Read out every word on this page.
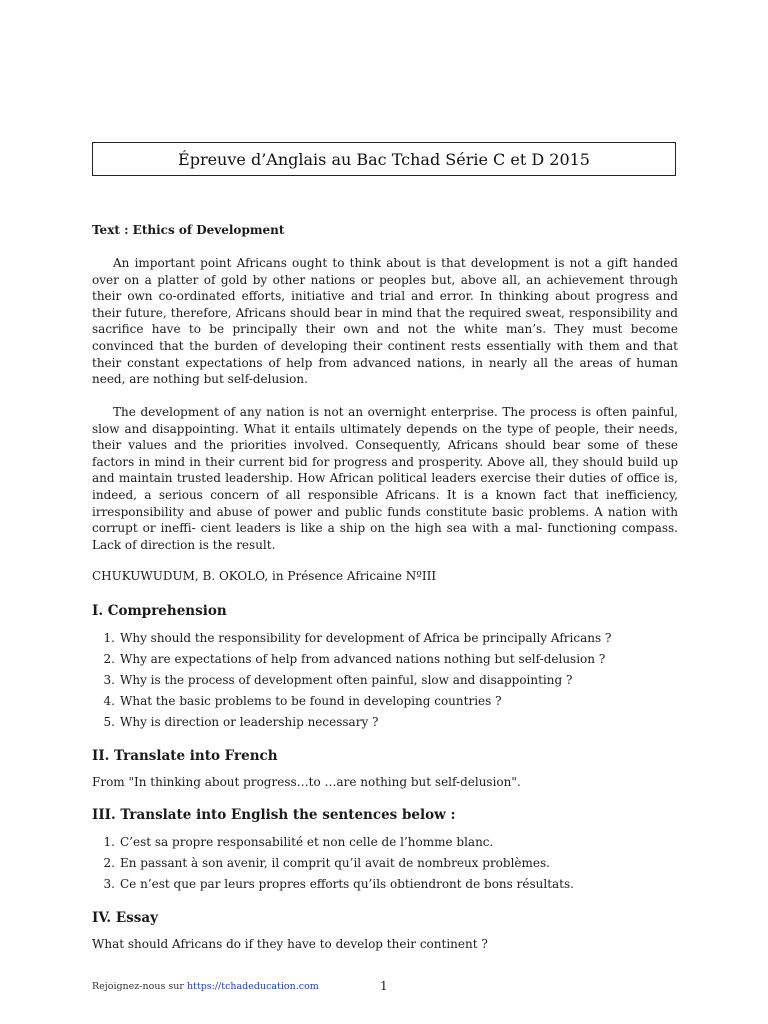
Épreuve d’Anglais au Bac Tchad Série C et D 2015
Text : Ethics of Development

An important point Africans ought to think about is that development is not a gift handed over on a platter of gold by other nations or peoples but, above all, an achievement through their own co-ordinated efforts, initiative and trial and error. In thinking about progress and their future, therefore, Africans should bear in mind that the required sweat, responsibility and sacrifice have to be principally their own and not the white man’s. They must become convinced that the burden of developing their continent rests essentially with them and that their constant expectations of help from advanced nations, in nearly all the areas of human need, are nothing but self-delusion.

The development of any nation is not an overnight enterprise. The process is often painful, slow and disappointing. What it entails ultimately depends on the type of people, their needs, their values and the priorities involved. Consequently, Africans should bear some of these factors in mind in their current bid for progress and prosperity. Above all, they should build up and maintain trusted leadership. How African political leaders exercise their duties of office is, indeed, a serious concern of all responsible Africans. It is a known fact that inefficiency, irresponsibility and abuse of power and public funds constitute basic problems. A nation with corrupt or ineffi- cient leaders is like a ship on the high sea with a mal- functioning compass. Lack of direction is the result.

CHUKUWUDUM, B. OKOLO, in Présence Africaine NºIII
I. Comprehension
1. Why should the responsibility for development of Africa be principally Africans ?
2. Why are expectations of help from advanced nations nothing but self-delusion ?
3. Why is the process of development often painful, slow and disappointing ?
4. What the basic problems to be found in developing countries ?
5. Why is direction or leadership necessary ?
II. Translate into French
From "In thinking about progress…to …are nothing but self-delusion".
III. Translate into English the sentences below :
1. C’est sa propre responsabilité et non celle de l’homme blanc.
2. En passant à son avenir, il comprit qu’il avait de nombreux problèmes.
3. Ce n’est que par leurs propres efforts qu’ils obtiendront de bons résultats.
IV. Essay
What should Africans do if they have to develop their continent ?
Rejoignez-nous sur https://tchadeducation.com	1
